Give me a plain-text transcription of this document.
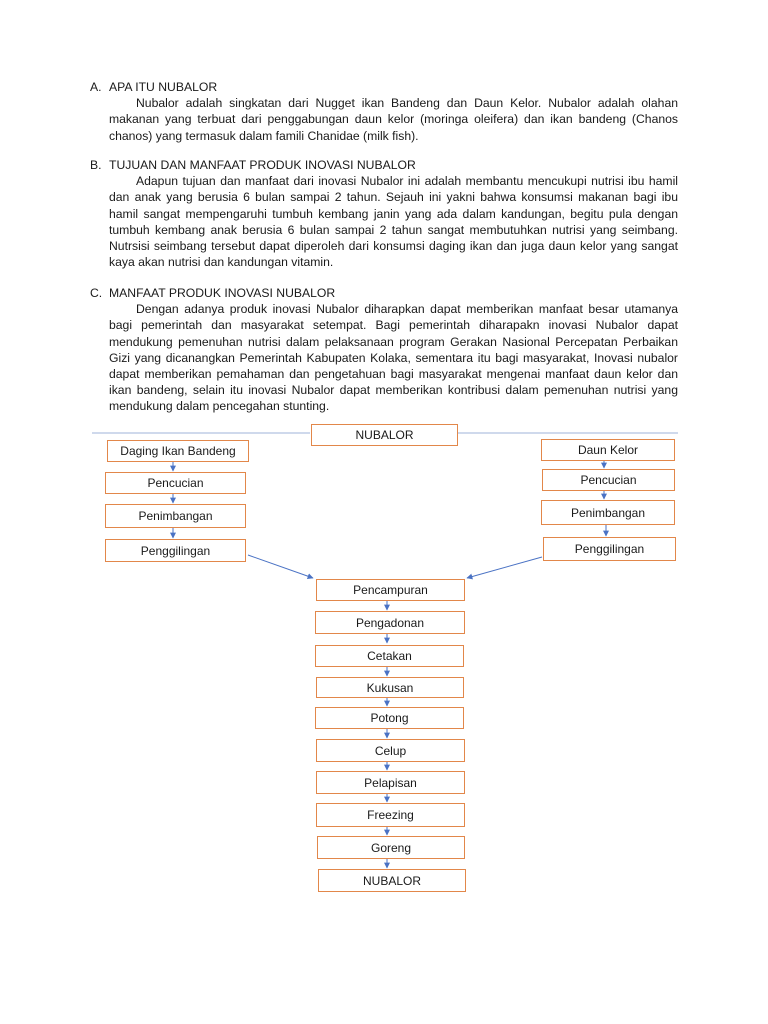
A. APA ITU NUBALOR
Nubalor adalah singkatan dari Nugget ikan Bandeng dan Daun Kelor. Nubalor adalah olahan makanan yang terbuat dari penggabungan daun kelor (moringa oleifera) dan ikan bandeng (Chanos chanos) yang termasuk dalam famili Chanidae (milk fish).
B. TUJUAN DAN MANFAAT PRODUK INOVASI NUBALOR
Adapun tujuan dan manfaat dari inovasi Nubalor ini adalah membantu mencukupi nutrisi ibu hamil dan anak yang berusia 6 bulan sampai 2 tahun. Sejauh ini yakni bahwa konsumsi makanan bagi ibu hamil sangat mempengaruhi tumbuh kembang janin yang ada dalam kandungan, begitu pula dengan tumbuh kembang anak berusia 6 bulan sampai 2 tahun sangat membutuhkan nutrisi yang seimbang. Nutrsisi seimbang tersebut dapat diperoleh dari konsumsi daging ikan dan juga daun kelor yang sangat kaya akan nutrisi dan kandungan vitamin.
C. MANFAAT PRODUK INOVASI NUBALOR
Dengan adanya produk inovasi Nubalor diharapkan dapat memberikan manfaat besar utamanya bagi pemerintah dan masyarakat setempat. Bagi pemerintah diharapakn inovasi Nubalor dapat mendukung pemenuhan nutrisi dalam pelaksanaan program Gerakan Nasional Percepatan Perbaikan Gizi yang dicanangkan Pemerintah Kabupaten Kolaka, sementara itu bagi masyarakat, Inovasi nubalor dapat memberikan pemahaman dan pengetahuan bagi masyarakat mengenai manfaat daun kelor dan ikan bandeng, selain itu inovasi Nubalor dapat memberikan kontribusi dalam pemenuhan nutrisi yang mendukung dalam pencegahan stunting.
NUBALOR
Daging Ikan Bandeng
Pencucian
Penimbangan
Penggilingan
Daun Kelor
Pencucian
Penimbangan
Penggilingan
Pencampuran
Pengadonan
Cetakan
Kukusan
Potong
Celup
Pelapisan
Freezing
Goreng
NUBALOR
